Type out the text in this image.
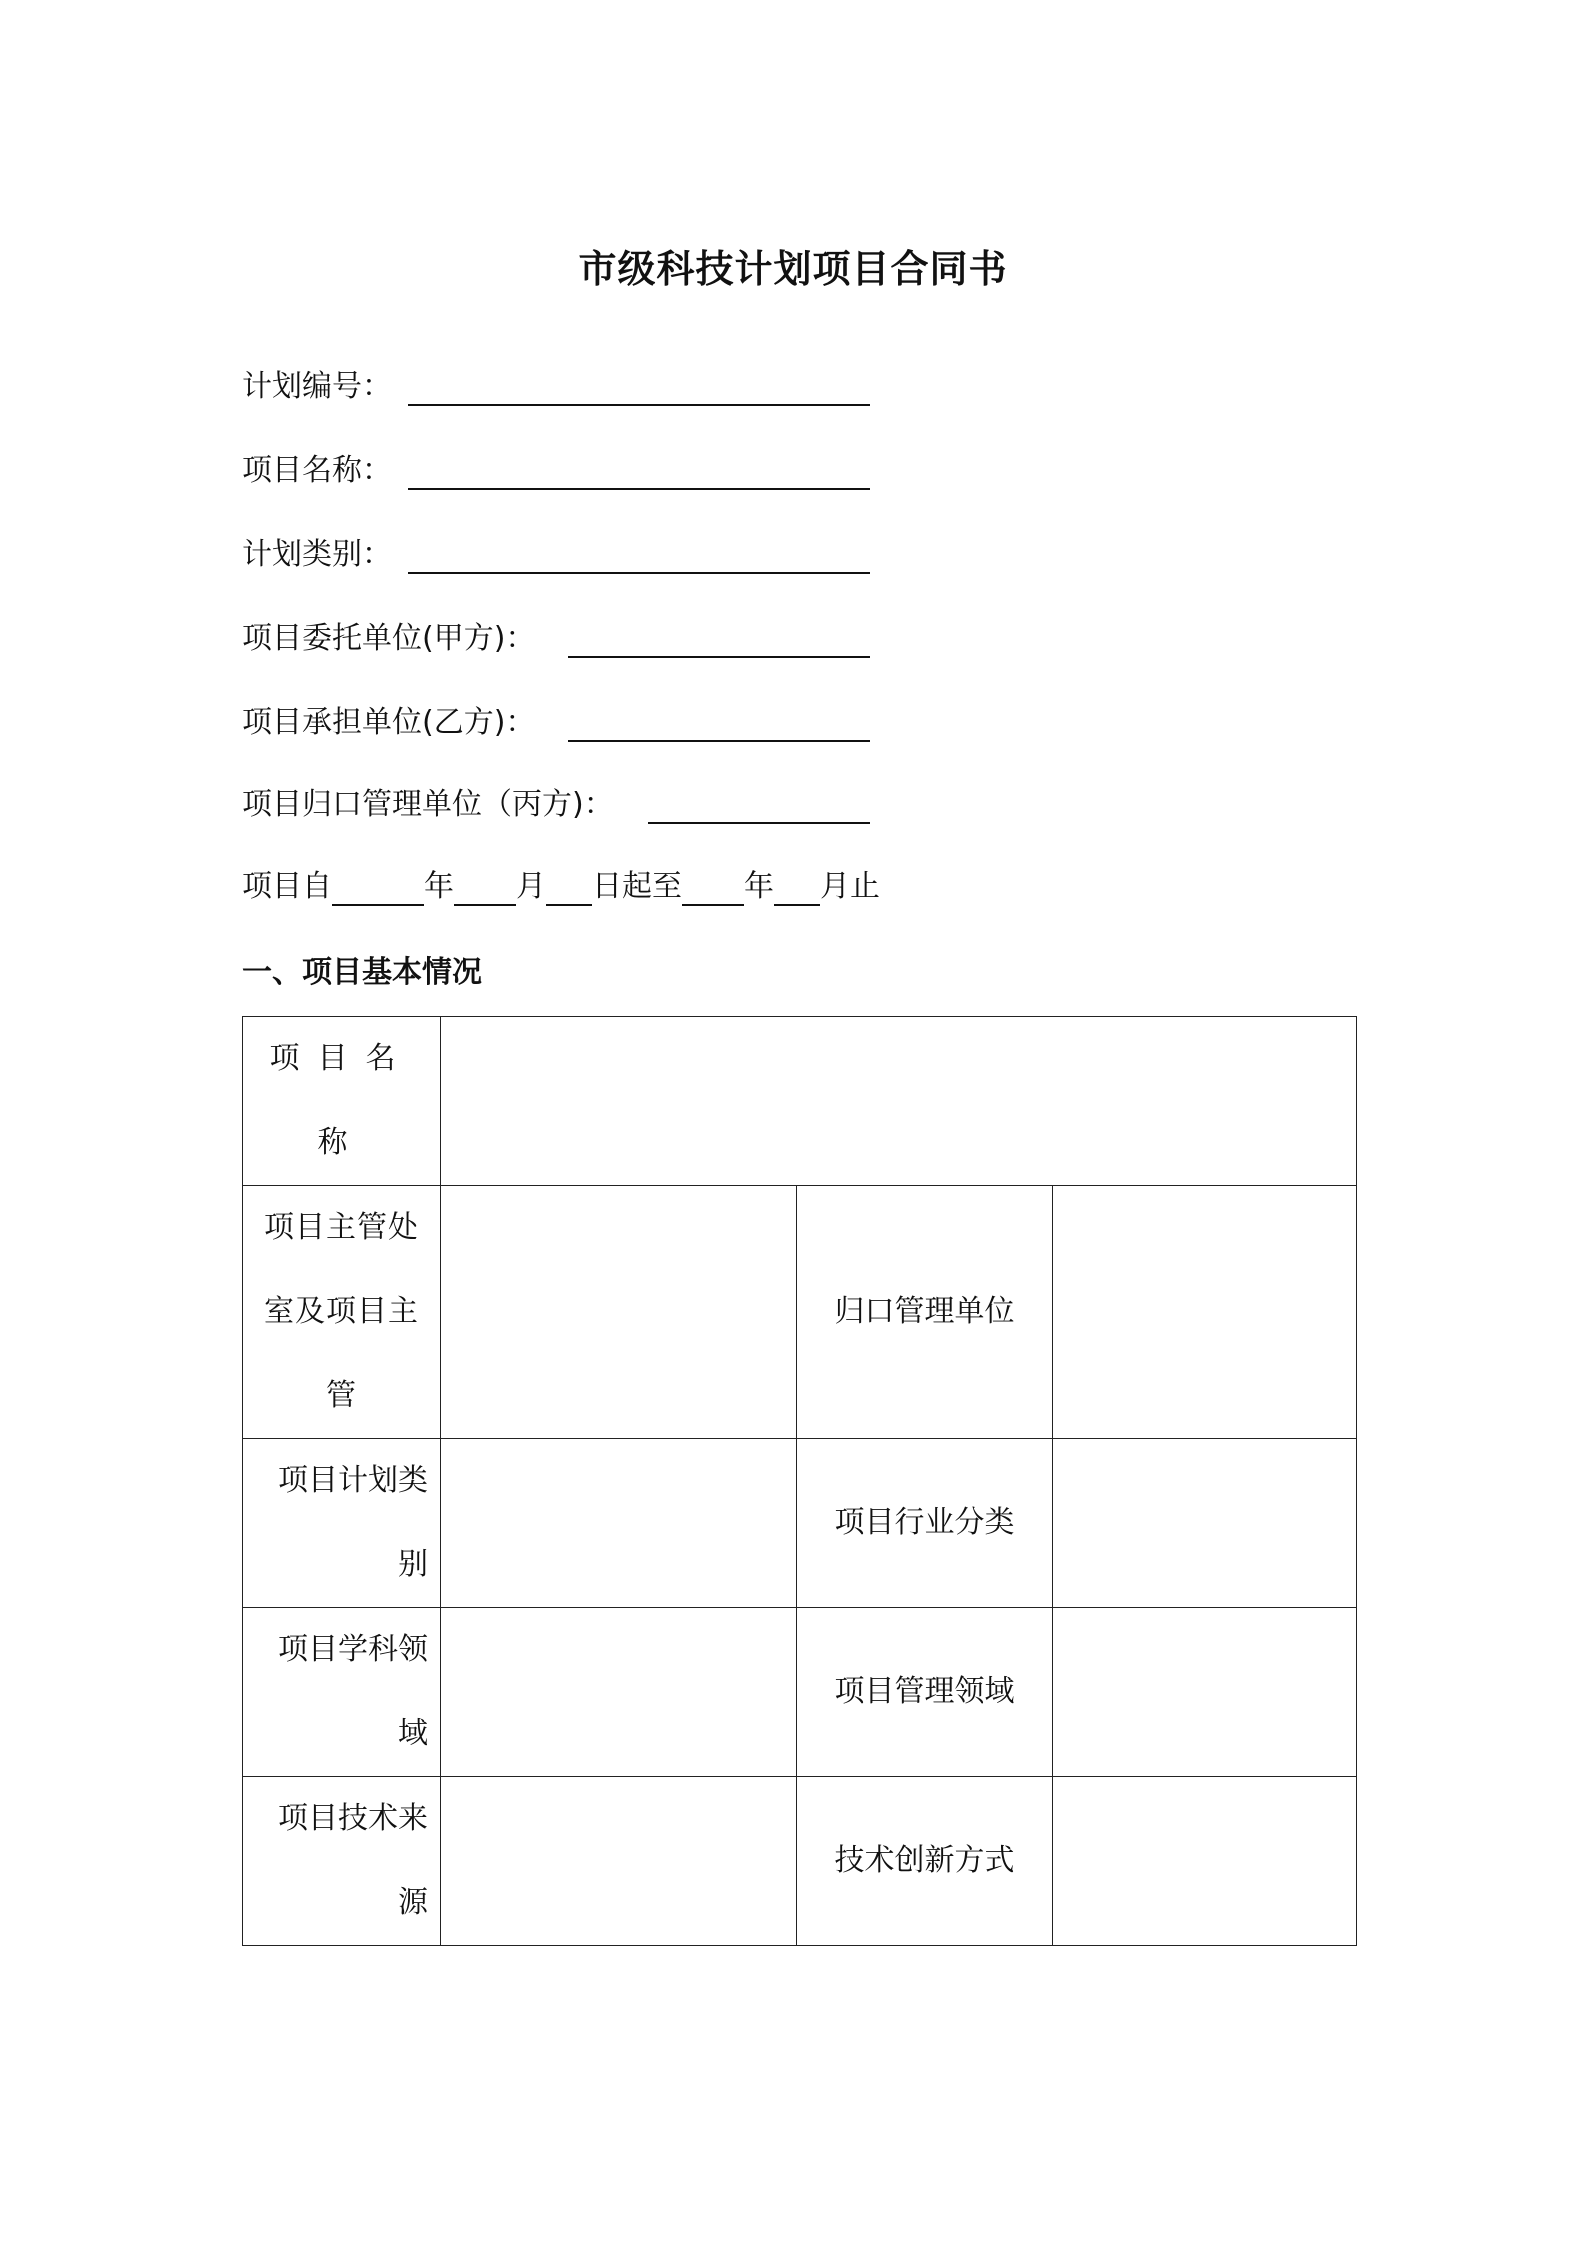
市级科技计划项目合同书
计划编号：
项目名称：
计划类别：
项目委托单位(甲方)：
项目承担单位(乙方)：
项目归口管理单位（丙方)：
项目自	年 月 日起至 年 月止
一、项目基本情况
项目名称			
项目主管处室及项目主管		归口管理单位	
项目计划类别		项目行业分类	
项目学科领域		项目管理领域	
项目技术来源		技术创新方式	
